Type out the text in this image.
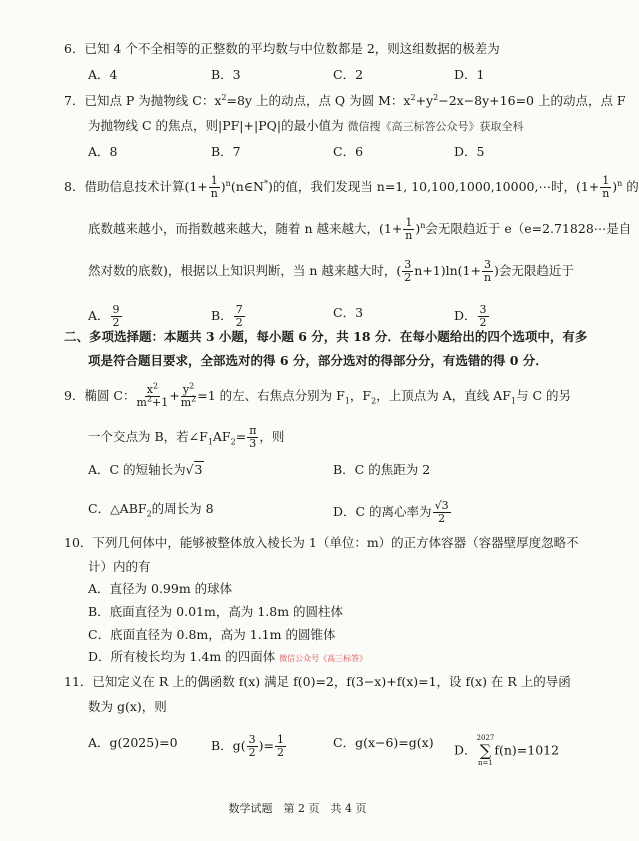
6．已知 4 个不全相等的正整数的平均数与中位数都是 2，则这组数据的极差为
A．4	B．3	C．2	D．1
7．已知点 P 为抛物线 C：$x^2=8y$ 上的动点，点 Q 为圆 M：$x^2+y^2-2x-8y+16=0$ 上的动点，点 F
为抛物线 C 的焦点，则|PF|+|PQ|的最小值为 微信搜《高三标答公众号》获取全科
A．8	B．7	C．6	D．5
8．借助信息技术计算($1+ \frac{1}{n}$ )$^n(n\in N^*)$的值，我们发现当 n=1, 10,100,1000,10000,⋯时，$(1+ \frac{1}{n} )^n$ 的
底数越来越小，而指数越来越大，随着 n 越来越大，$(1+ \frac{1}{n} )^n$会无限趋近于 e（e=2.71828⋯是自
然对数的底数)，根据以上知识判断，当 n 越来越大时，( $\frac{3}{2} n+1)\ln(1+ \frac{3}{n}$ )会无限趋近于
A． $\frac{9}{2}$	B． $\frac{7}{2}$	C．3	D． $\frac{3}{2}$
二、多项选择题：本题共 3 小题，每小题 6 分，共 18 分．在每小题给出的四个选项中，有多
项是符合题目要求，全部选对的得 6 分，部分选对的得部分分，有选错的得 0 分．
9．椭圆 C： $\frac{x^2}{m^2+1} + \frac{y^2}{m^2} =1$ 的左、右焦点分别为 $F_1$，$F_2$，上顶点为 A，直线 $AF_1$与 C 的另
一个交点为 B，若$\angle F_1AF_2= \frac{\pi}{3}$ ，则
A．C 的短轴长为√3	B．C 的焦距为 2
C．$\triangle ABF_2$的周长为 8	D．C 的离心率为 $\frac{√3}{2}$
10．下列几何体中，能够被整体放入棱长为 1（单位：m）的正方体容器（容器壁厚度忽略不
计）内的有
A．直径为 0.99m 的球体
B．底面直径为 0.01m，高为 1.8m 的圆柱体
C．底面直径为 0.8m，高为 1.1m 的圆锥体
D．所有棱长均为 1.4m 的四面体 微信公众号《高三标答》
11．已知定义在 R 上的偶函数 f(x) 满足 f(0)=2，f(3−x)+f(x)=1，设 f(x) 在 R 上的导函
数为 g(x)，则
A．g(2025)=0	B．$g( \frac{3}{2}$ )= $\frac{1}{2}$	C．g(x−6)=g(x) D．
2027
∑
n=1
f(n)=1012
数学试题　第 2 页　共 4 页
